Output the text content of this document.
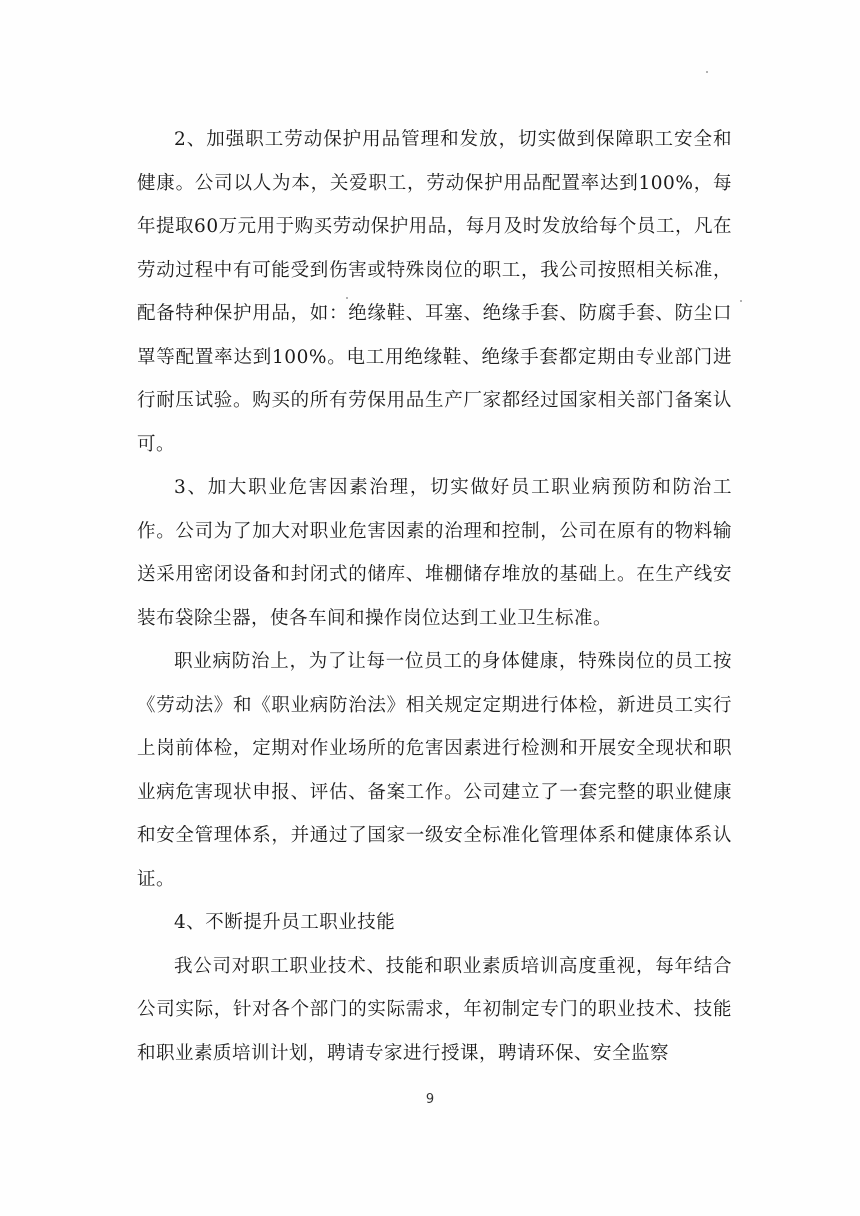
2、加强职工劳动保护用品管理和发放，切实做到保障职工安全和健康。公司以人为本，关爱职工，劳动保护用品配置率达到100%，每年提取60万元用于购买劳动保护用品，每月及时发放给每个员工，凡在劳动过程中有可能受到伤害或特殊岗位的职工，我公司按照相关标准，配备特种保护用品，如：绝缘鞋、耳塞、绝缘手套、防腐手套、防尘口罩等配置率达到100%。电工用绝缘鞋、绝缘手套都定期由专业部门进行耐压试验。购买的所有劳保用品生产厂家都经过国家相关部门备案认可。

3、加大职业危害因素治理，切实做好员工职业病预防和防治工作。公司为了加大对职业危害因素的治理和控制，公司在原有的物料输送采用密闭设备和封闭式的储库、堆棚储存堆放的基础上。在生产线安装布袋除尘器，使各车间和操作岗位达到工业卫生标准。

职业病防治上，为了让每一位员工的身体健康，特殊岗位的员工按《劳动法》和《职业病防治法》相关规定定期进行体检，新进员工实行上岗前体检，定期对作业场所的危害因素进行检测和开展安全现状和职业病危害现状申报、评估、备案工作。公司建立了一套完整的职业健康和安全管理体系，并通过了国家一级安全标准化管理体系和健康体系认证。

4、不断提升员工职业技能

我公司对职工职业技术、技能和职业素质培训高度重视，每年结合公司实际，针对各个部门的实际需求，年初制定专门的职业技术、技能和职业素质培训计划，聘请专家进行授课，聘请环保、安全监察

9
